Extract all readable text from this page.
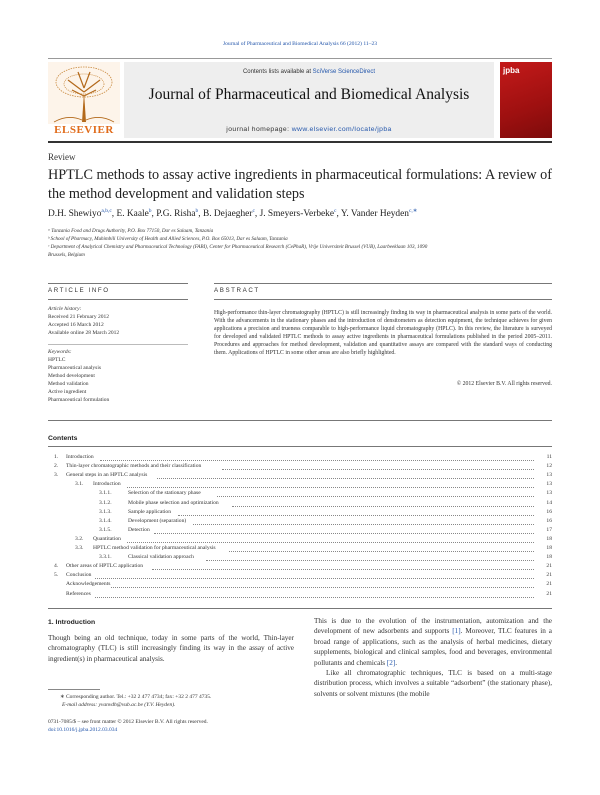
Journal of Pharmaceutical and Biomedical Analysis 66 (2012) 11–23
ELSEVIER
Contents lists available at SciVerse ScienceDirect
Journal of Pharmaceutical and Biomedical Analysis
journal homepage: www.elsevier.com/locate/jpba
jpba
Review
HPTLC methods to assay active ingredients in pharmaceutical formulations: A review of the method development and validation steps
D.H. Shewiyo$^{a,b,c}$, E. Kaale$^b$, P.G. Risha$^b$, B. Dejaegher$^c$, J. Smeyers-Verbeke$^c$, Y. Vander Heyden$^{c,∗}$
ᵃ Tanzania Food and Drugs Authority, P.O. Box 77150, Dar es Salaam, Tanzania
ᵇ School of Pharmacy, Muhimbili University of Health and Allied Sciences, P.O. Box 65013, Dar es Salaam, Tanzania
ᶜ Department of Analytical Chemistry and Pharmaceutical Technology (FABI), Center for Pharmaceutical Research (CePhaR), Vrije Universiteit Brussel (VUB), Laarbeeklaan 103, 1090
Brussels, Belgium
ARTICLE INFO	ABSTRACT
Article history:
Received 21 February 2012
Accepted 16 March 2012
Available online 28 March 2012
Keywords:
HPTLC
Pharmaceutical analysis
Method development
Method validation
Active ingredient
Pharmaceutical formulation
High-performance thin-layer chromatography (HPTLC) is still increasingly finding its way in pharmaceutical analysis in some parts of the world. With the advancements in the stationary phases and the introduction of densitometers as detection equipment, the technique achieves for given applications a precision and trueness comparable to high-performance liquid chromatography (HPLC). In this review, the literature is surveyed for developed and validated HPTLC methods to assay active ingredients in pharmaceutical formulations published in the period 2005–2011. Procedures and approaches for method development, validation and quantitative assays are compared with the standard ways of conducting them. Applications of HPTLC in some other areas are also briefly highlighted.
© 2012 Elsevier B.V. All rights reserved.
Contents
1. Introduction	11
2. Thin-layer chromatographic methods and their classification	12
3. General steps in an HPTLC analysis	13
3.1. Introduction	13
3.1.1.	Selection of the stationary phase	13
3.1.2.	Mobile phase selection and optimization	14
3.1.3.	Sample application	16
3.1.4.	Development (separation)	16
3.1.5.	Detection	17
3.2. Quantitation	18
3.3. HPTLC method validation for pharmaceutical analysis	18
3.3.1.	Classical validation approach	18
4. Other areas of HPTLC application	21
5. Conclusion	21
Acknowledgements	21
References	21
1. Introduction
Though being an old technique, today in some parts of the world, Thin-layer chromatography (TLC) is still increasingly finding its way in the assay of active ingredient(s) in pharmaceutical analysis.
This is due to the evolution of the instrumentation, automization and the development of new adsorbents and supports [1]. Moreover, TLC features in a broad range of applications, such as the analysis of herbal medicines, dietary supplements, biological and clinical samples, food and beverages, environmental pollutants and chemicals [2].
Like all chromatographic techniques, TLC is based on a multi-stage distribution process, which involves a suitable “adsorbent” (the stationary phase), solvents or solvent mixtures (the mobile
∗ Corresponding author. Tel.: +32 2 477 4734; fax: +32 2 477 4735.
E-mail address: yvanvdh@vub.ac.be (Y.V. Heyden).
0731-7085/$ – see front matter © 2012 Elsevier B.V. All rights reserved.
doi:10.1016/j.jpba.2012.03.034
